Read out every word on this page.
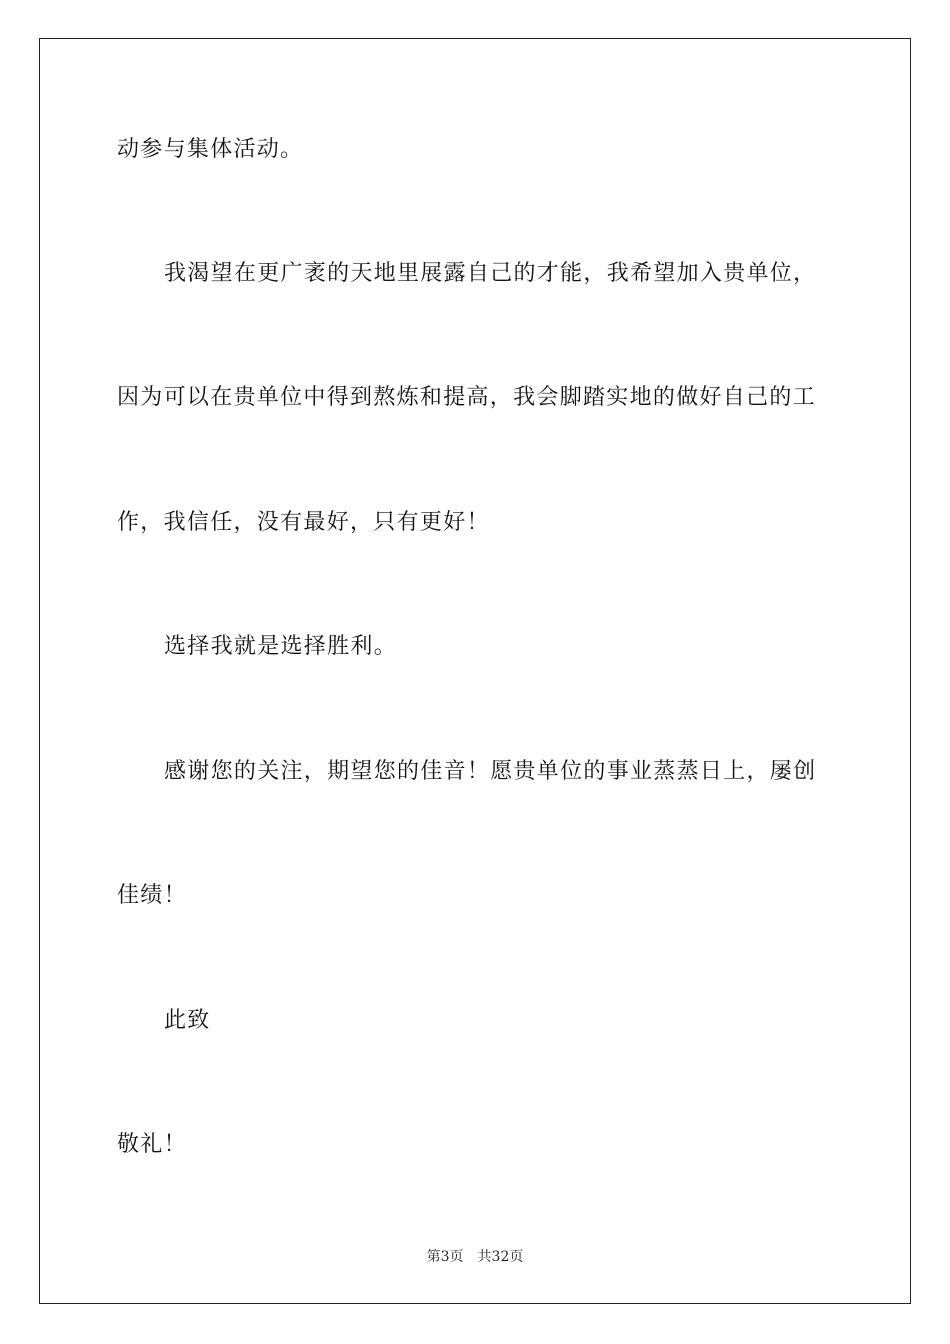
动参与集体活动。
我渴望在更广袤的天地里展露自己的才能，我希望加入贵单位，
因为可以在贵单位中得到熬炼和提高，我会脚踏实地的做好自己的工
作，我信任，没有最好，只有更好！
选择我就是选择胜利。
感谢您的关注，期望您的佳音！愿贵单位的事业蒸蒸日上，屡创
佳绩！
此致
敬礼！
第3页 共32页
